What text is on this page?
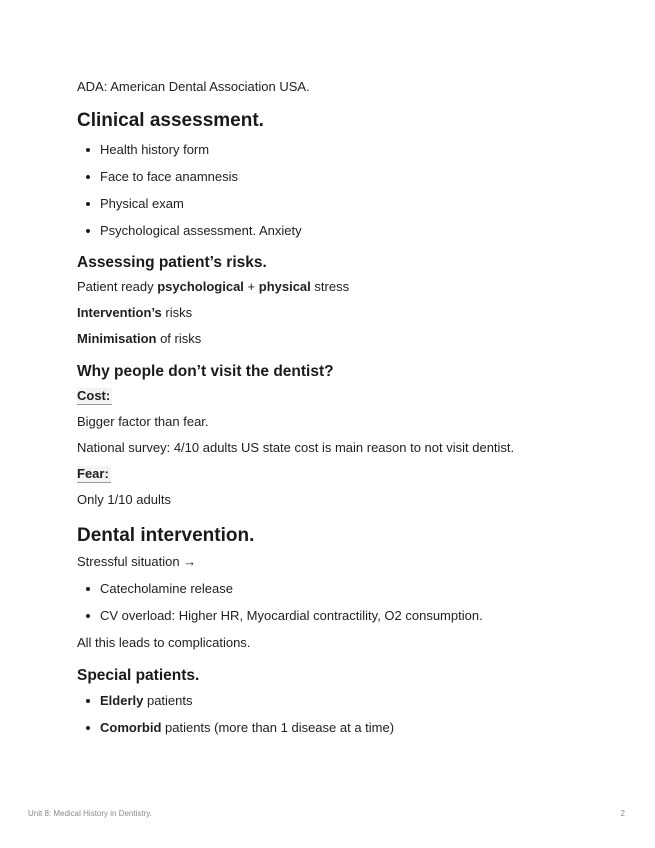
ADA: American Dental Association USA.

Clinical assessment.
Health history form
Face to face anamnesis
Physical exam
Psychological assessment. Anxiety
Assessing patient’s risks.

Patient ready psychological + physical stress

Intervention’s risks

Minimisation of risks

Why people don’t visit the dentist?

Cost:

Bigger factor than fear.

National survey: 4/10 adults US state cost is main reason to not visit dentist.

Fear:

Only 1/10 adults

Dental intervention.

Stressful situation →

Catecholamine release
CV overload: Higher HR, Myocardial contractility, O2 consumption.

All this leads to complications.

Special patients.
Elderly patients
Comorbid patients (more than 1 disease at a time)
Unit 8: Medical History in Dentistry.	2
